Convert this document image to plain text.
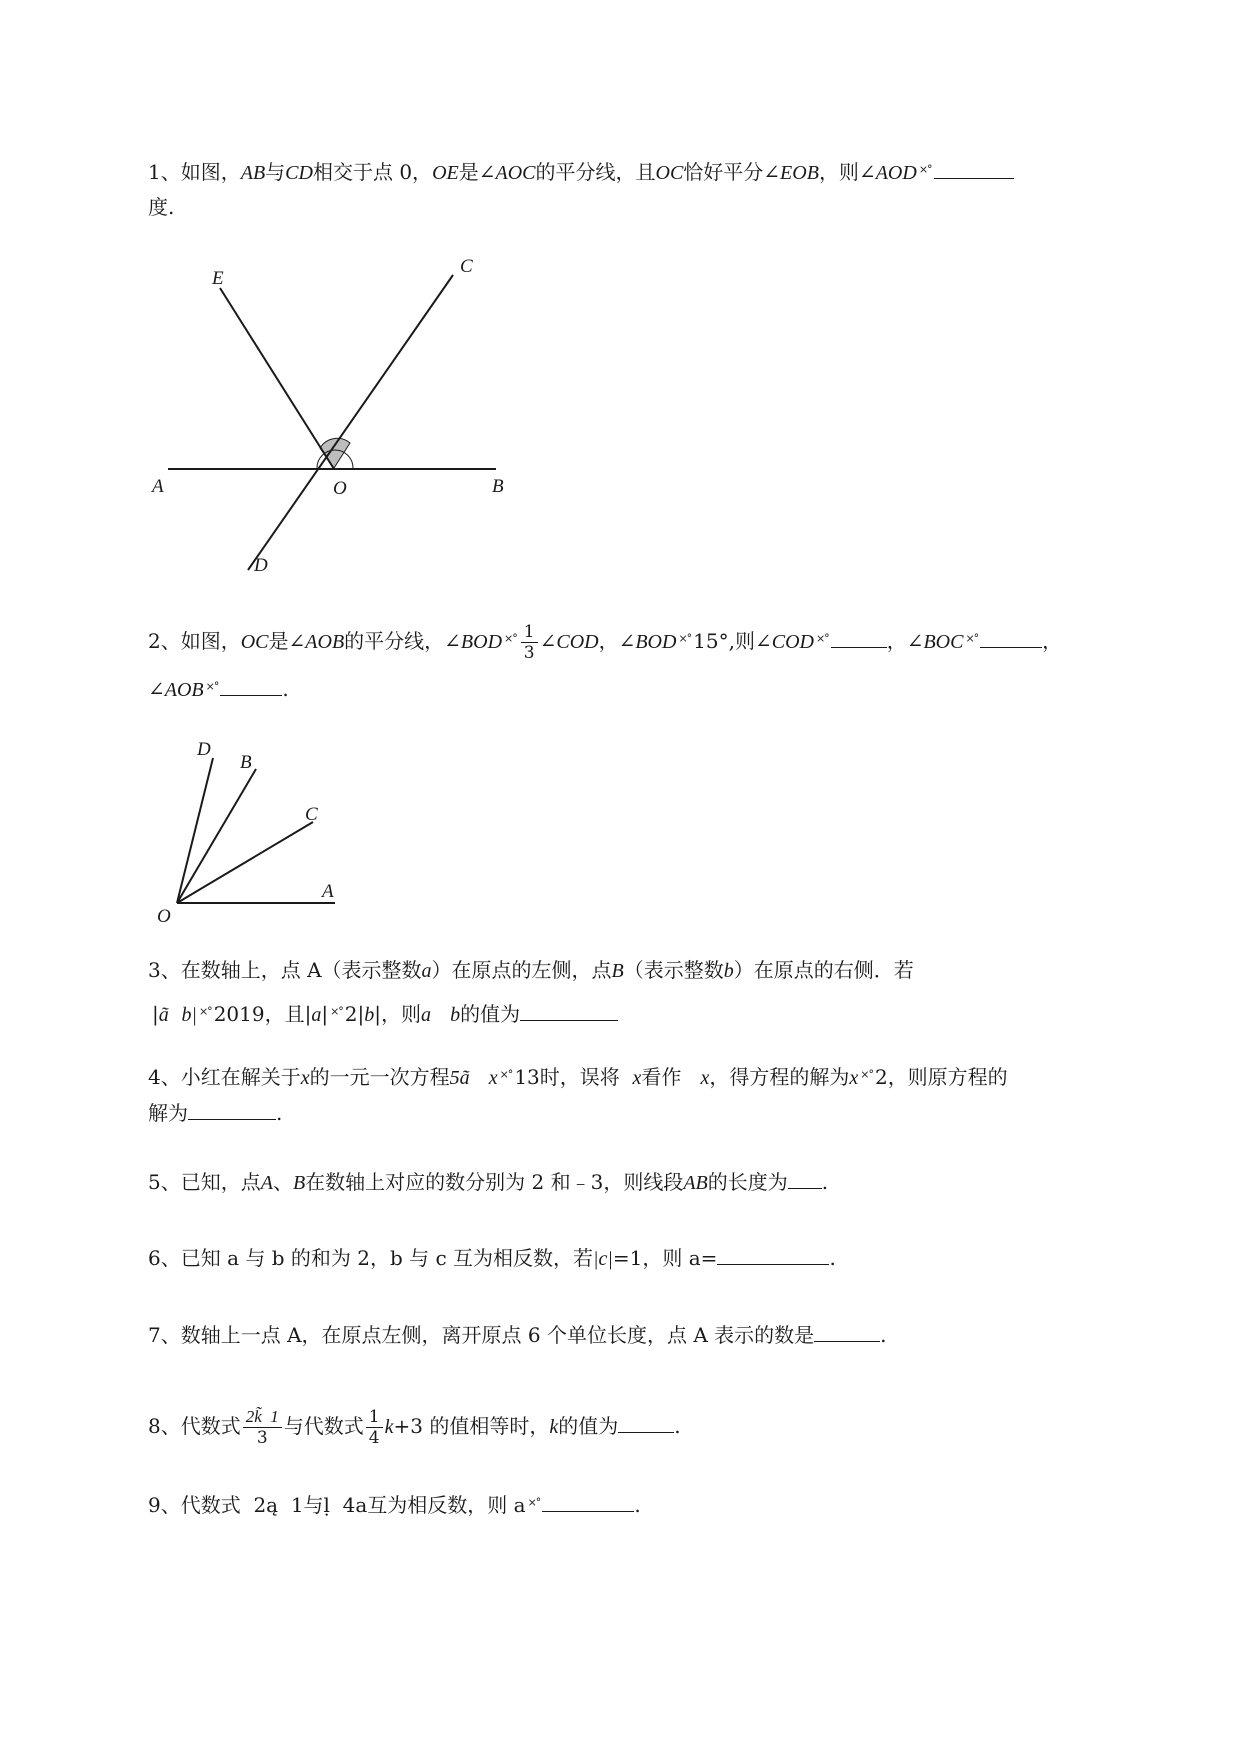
1、如图，AB与CD相交于点 0，OE是∠AOC的平分线，且OC恰好平分∠EOB，则∠AOD ×°
度.
E
C
A	O	B
D
2、如图，OC是∠AOB的平分线，∠BOD $^{\times^\circ} \frac{1}{3}$ ∠COD，∠BOD ×° 15°,则∠COD ×°	，∠BOC ×°	，
∠AOB ×°	.
D
B
C
A
O
3、在数轴上，点 A（表示整数a）在原点的左侧，点B（表示整数b）在原点的右侧．若
|ã b| ×° 2019，且|a| ×° 2|b|，则a b的值为
4、小红在解关于x的一元一次方程5ã x ×° 13时，误将 x看作 x，得方程的解为x ×° 2，则原方程的
解为	.
5、已知，点A、B在数轴上对应的数分别为 2 和﹣3，则线段AB的长度为 .
6、已知 a 与 b 的和为 2，b 与 c 互为相反数，若|c|=1，则 a=	.
7、数轴上一点 A，在原点左侧，离开原点 6 个单位长度，点 A 表示的数是	.
8、代数式 $\frac{2k̃ 1}{3}$ 与代数式 $\frac{1}{4} k+3$ 的值相等时，k的值为	.
9、代数式 2ą  1与ḷ  4a互为相反数，则 a ×°	.
